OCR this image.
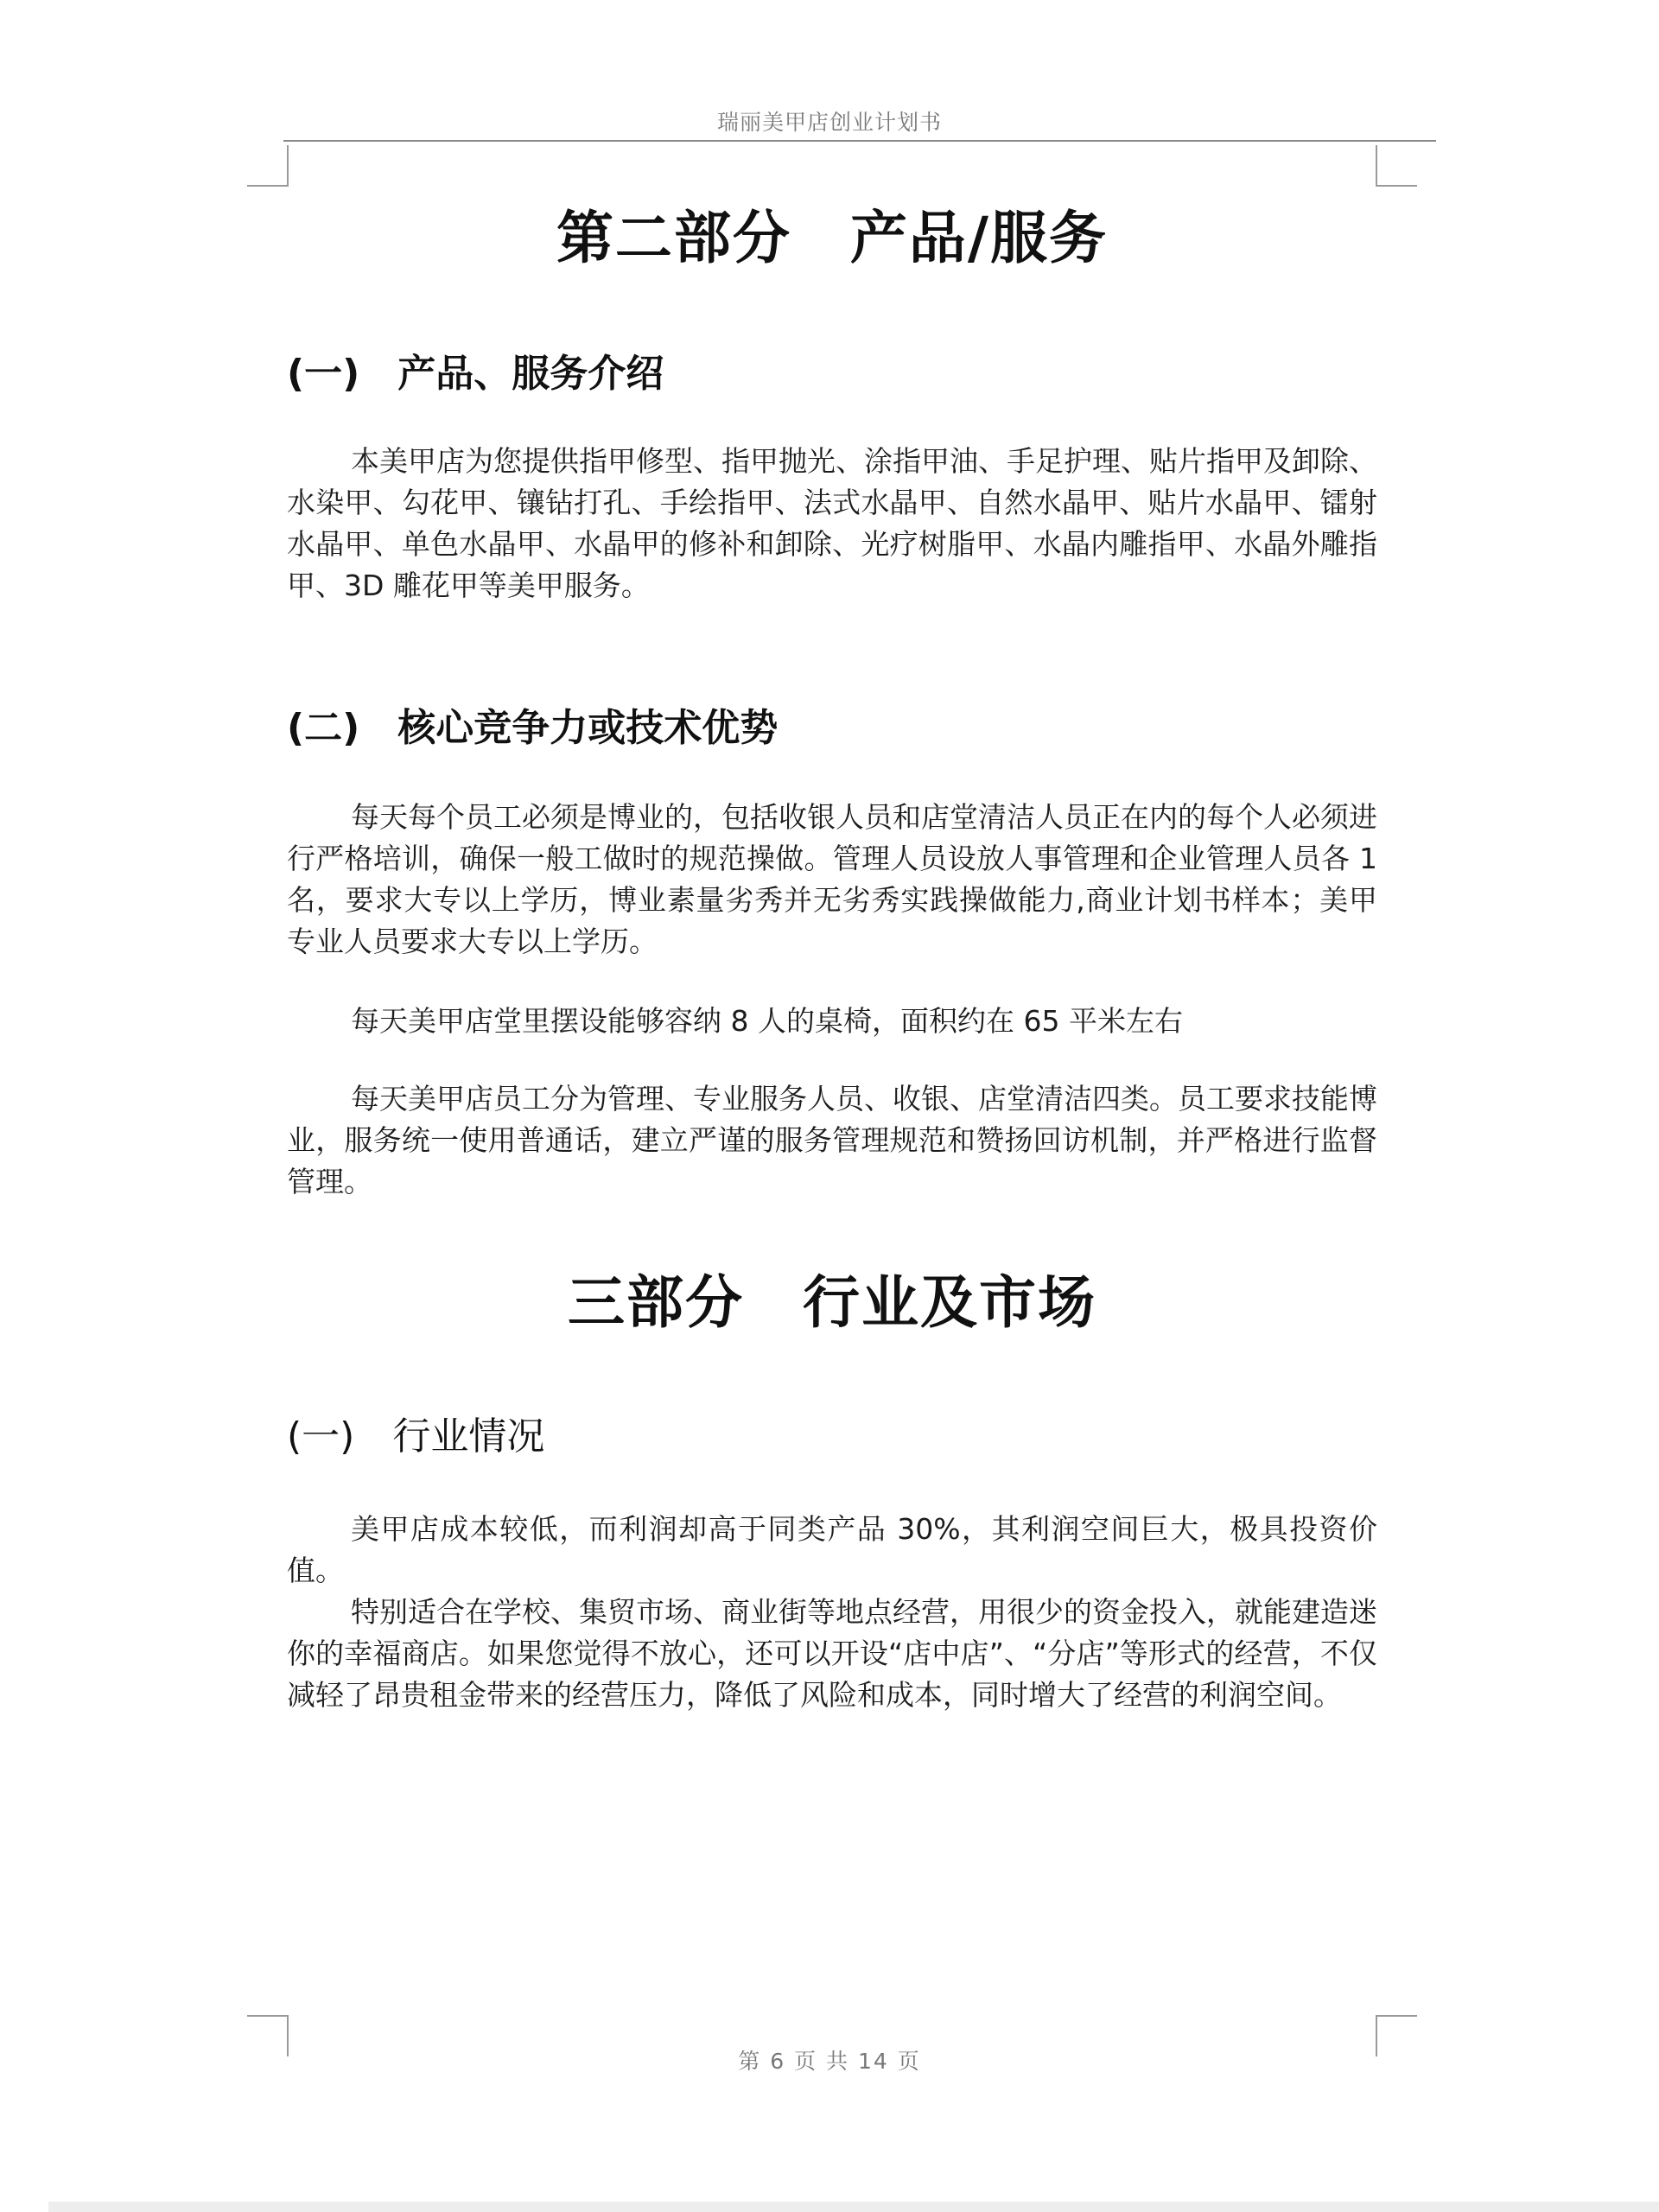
瑞丽美甲店创业计划书
第二部分　产品/服务
(一)　产品、服务介绍

本美甲店为您提供指甲修型、指甲抛光、涂指甲油、手足护理、贴片指甲及卸除、水染甲、勾花甲、镶钻打孔、手绘指甲、法式水晶甲、自然水晶甲、贴片水晶甲、镭射水晶甲、单色水晶甲、水晶甲的修补和卸除、光疗树脂甲、水晶内雕指甲、水晶外雕指甲、3D 雕花甲等美甲服务。

(二)　核心竞争力或技术优势

每天每个员工必须是博业的，包括收银人员和店堂清洁人员正在内的每个人必须进行严格培训，确保一般工做时的规范操做。管理人员设放人事管理和企业管理人员各 1 名，要求大专以上学历，博业素量劣秀并无劣秀实践操做能力,商业计划书样本；美甲专业人员要求大专以上学历。

每天美甲店堂里摆设能够容纳 8 人的桌椅，面积约在 65 平米左右

每天美甲店员工分为管理、专业服务人员、收银、店堂清洁四类。员工要求技能博业，服务统一使用普通话，建立严谨的服务管理规范和赞扬回访机制，并严格进行监督管理。

三部分　行业及市场
(一)　行业情况

美甲店成本较低，而利润却高于同类产品 30%，其利润空间巨大，极具投资价值。

特别适合在学校、集贸市场、商业街等地点经营，用很少的资金投入，就能建造迷你的幸福商店。如果您觉得不放心，还可以开设“店中店”、“分店”等形式的经营，不仅减轻了昂贵租金带来的经营压力，降低了风险和成本，同时增大了经营的利润空间。

第 6 页 共 14 页
